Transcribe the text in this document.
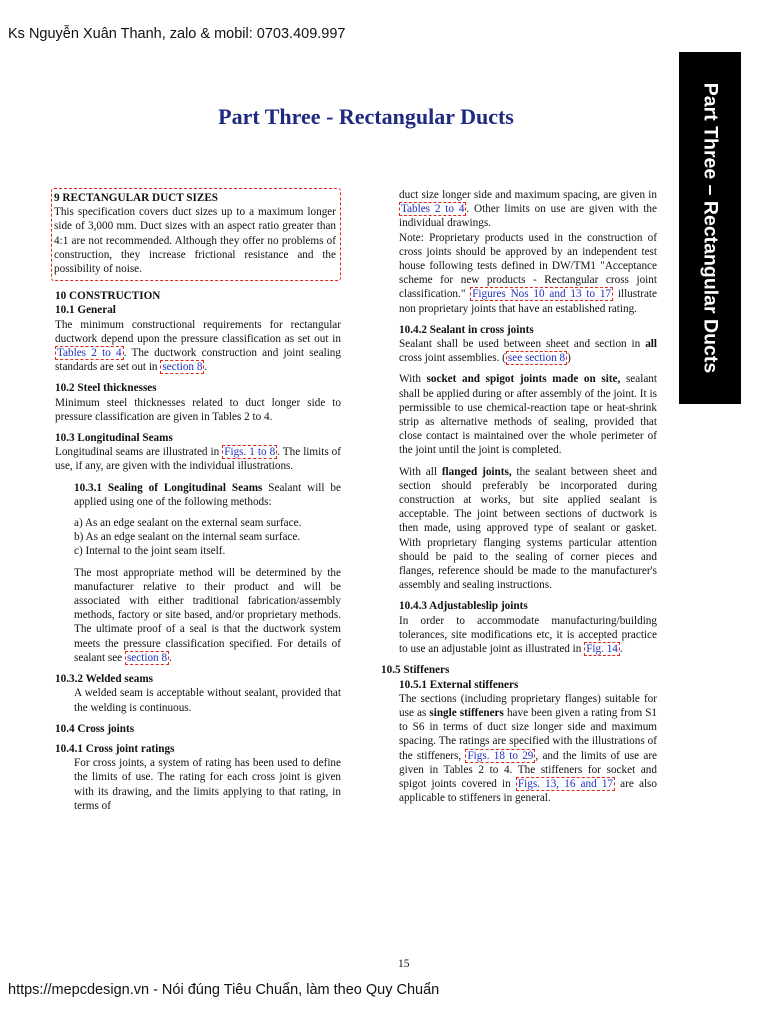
Ks Nguyễn Xuân Thanh, zalo & mobil: 0703.409.997
Part Three – Rectangular Ducts
Part Three - Rectangular Ducts
9 RECTANGULAR DUCT SIZES

This specification covers duct sizes up to a maximum longer side of 3,000 mm. Duct sizes with an aspect ratio greater than 4:1 are not recommended. Although they offer no problems of construction, they increase frictional resistance and the possibility of noise.

10 CONSTRUCTION
10.1 General

The minimum constructional requirements for rectangular ductwork depend upon the pressure classification as set out in Tables 2 to 4 . The ductwork construction and joint sealing standards are set out in section 8 .

10.2 Steel thicknesses

Minimum steel thicknesses related to duct longer side to pressure classification are given in Tables 2 to 4.

10.3 Longitudinal Seams

Longitudinal seams are illustrated in Figs. 1 to 8 . The limits of use, if any, are given with the individual illustrations.

10.3.1 Sealing of Longitudinal Seams Sealant will be applied using one of the following methods:

a) As an edge sealant on the external seam surface.
b) As an edge sealant on the internal seam surface.
c) Internal to the joint seam itself.

The most appropriate method will be determined by the manufacturer relative to their product and will be associated with either traditional fabrication/assembly methods, factory or site based, and/or proprietary methods. The ultimate proof of a seal is that the ductwork system meets the pressure classification specified. For details of sealant see section 8 .

10.3.2 Welded seams

A welded seam is acceptable without sealant, provided that the welding is continuous.

10.4 Cross joints
10.4.1 Cross joint ratings

For cross joints, a system of rating has been used to define the limits of use. The rating for each cross joint is given with its drawing, and the limits applying to that rating, in terms of

duct size longer side and maximum spacing, are given in Tables 2 to 4 . Other limits on use are given with the individual drawings.

Note: Proprietary products used in the construction of cross joints should be approved by an independent test house following tests defined in DW/TM1 "Acceptance scheme for new products - Rectangular cross joint classification." Figures Nos 10 and 13 to 17 illustrate non proprietary joints that have an established rating.

10.4.2 Sealant in cross joints

Sealant shall be used between sheet and section in all cross joint assemblies. ( see section 8 )

With socket and spigot joints made on site, sealant shall be applied during or after assembly of the joint. It is permissible to use chemical-reaction tape or heat-shrink strip as alternative methods of sealing, provided that close contact is maintained over the whole perimeter of the joint until the joint is completed.

With all flanged joints, the sealant between sheet and section should preferably be incorporated during construction at works, but site applied sealant is acceptable. The joint between sections of ductwork is then made, using approved type of sealant or gasket. With proprietary flanging systems particular attention should be paid to the sealing of corner pieces and flanges, reference should be made to the manufacturer's assembly and sealing instructions.

10.4.3 Adjustableslip joints

In order to accommodate manufacturing/building tolerances, site modifications etc, it is accepted practice to use an adjustable joint as illustrated in Fig. 14 .

10.5 Stiffeners
10.5.1 External stiffeners

The sections (including proprietary flanges) suitable for use as single stiffeners have been given a rating from S1 to S6 in terms of duct size longer side and maximum spacing. The ratings are specified with the illustrations of the stiffeners, Figs. 18 to 29 , and the limits of use are given in Tables 2 to 4. The stiffeners for socket and spigot joints covered in Figs. 13, 16 and 17 are also applicable to stiffeners in general.

15
https://mepcdesign.vn - Nói đúng Tiêu Chuẩn, làm theo Quy Chuẩn
